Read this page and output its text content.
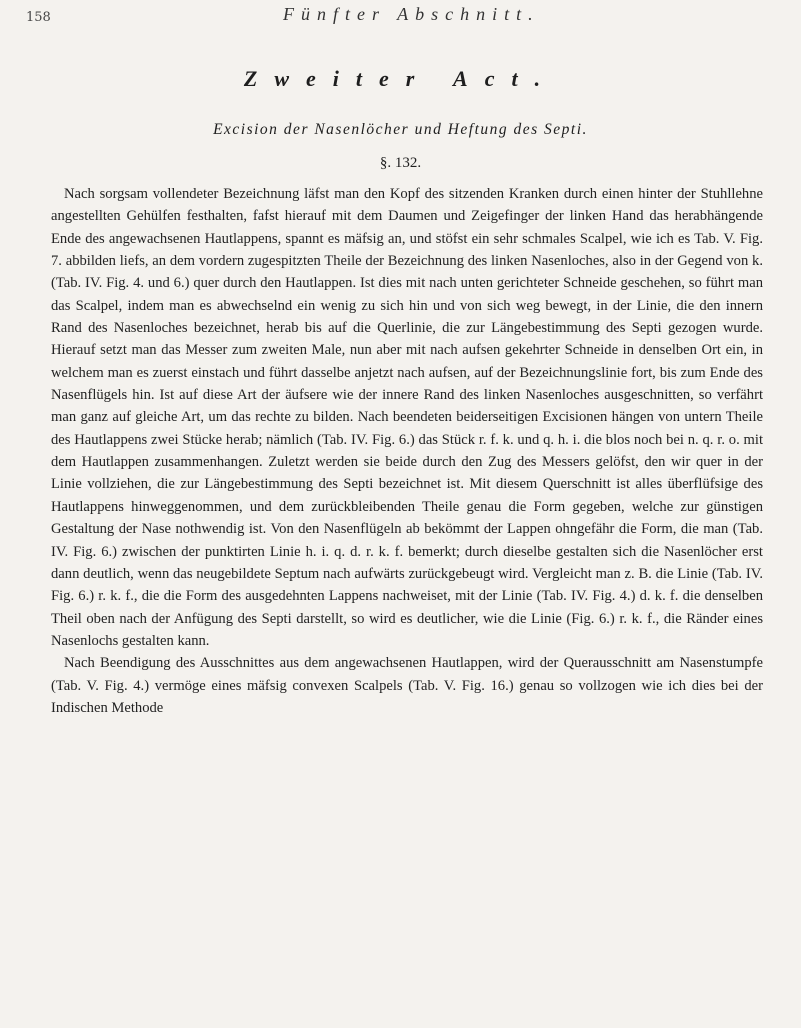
158	Fünfter Abschnitt.
Zweiter Act.
Excision der Nasenlöcher und Heftung des Septi.
§. 132.

Nach sorgsam vollendeter Bezeichnung läfst man den Kopf des sitzenden Kranken durch einen hinter der Stuhllehne angestellten Gehülfen festhalten, fafst hierauf mit dem Daumen und Zeigefinger der linken Hand das herabhängende Ende des angewachsenen Hautlappens, spannt es mäfsig an, und stöfst ein sehr schmales Scalpel, wie ich es Tab. V. Fig. 7. abbilden liefs, an dem vordern zugespitzten Theile der Bezeichnung des linken Nasenloches, also in der Gegend von k. (Tab. IV. Fig. 4. und 6.) quer durch den Hautlappen. Ist dies mit nach unten gerichteter Schneide geschehen, so führt man das Scalpel, indem man es abwechselnd ein wenig zu sich hin und von sich weg bewegt, in der Linie, die den innern Rand des Nasenloches bezeichnet, herab bis auf die Querlinie, die zur Längebestimmung des Septi gezogen wurde. Hierauf setzt man das Messer zum zweiten Male, nun aber mit nach aufsen gekehrter Schneide in denselben Ort ein, in welchem man es zuerst einstach und führt dasselbe anjetzt nach aufsen, auf der Bezeichnungslinie fort, bis zum Ende des Nasenflügels hin. Ist auf diese Art der äufsere wie der innere Rand des linken Nasenloches ausgeschnitten, so verfährt man ganz auf gleiche Art, um das rechte zu bilden. Nach beendeten beiderseitigen Excisionen hängen von untern Theile des Hautlappens zwei Stücke herab; nämlich (Tab. IV. Fig. 6.) das Stück r. f. k. und q. h. i. die blos noch bei n. q. r. o. mit dem Hautlappen zusammenhangen. Zuletzt werden sie beide durch den Zug des Messers gelöfst, den wir quer in der Linie vollziehen, die zur Längebestimmung des Septi bezeichnet ist. Mit diesem Querschnitt ist alles überflüfsige des Hautlappens hinweggenommen, und dem zurückbleibenden Theile genau die Form gegeben, welche zur günstigen Gestaltung der Nase nothwendig ist. Von den Nasenflügeln ab bekömmt der Lappen ohngefähr die Form, die man (Tab. IV. Fig. 6.) zwischen der punktirten Linie h. i. q. d. r. k. f. bemerkt; durch dieselbe gestalten sich die Nasenlöcher erst dann deutlich, wenn das neugebildete Septum nach aufwärts zurückgebeugt wird. Vergleicht man z. B. die Linie (Tab. IV. Fig. 6.) r. k. f., die die Form des ausgedehnten Lappens nachweiset, mit der Linie (Tab. IV. Fig. 4.) d. k. f. die denselben Theil oben nach der Anfügung des Septi darstellt, so wird es deutlicher, wie die Linie (Fig. 6.) r. k. f., die Ränder eines Nasenlochs gestalten kann.

Nach Beendigung des Ausschnittes aus dem angewachsenen Hautlappen, wird der Querausschnitt am Nasenstumpfe (Tab. V. Fig. 4.) vermöge eines mäfsig convexen Scalpels (Tab. V. Fig. 16.) genau so vollzogen wie ich dies bei der Indischen Methode
